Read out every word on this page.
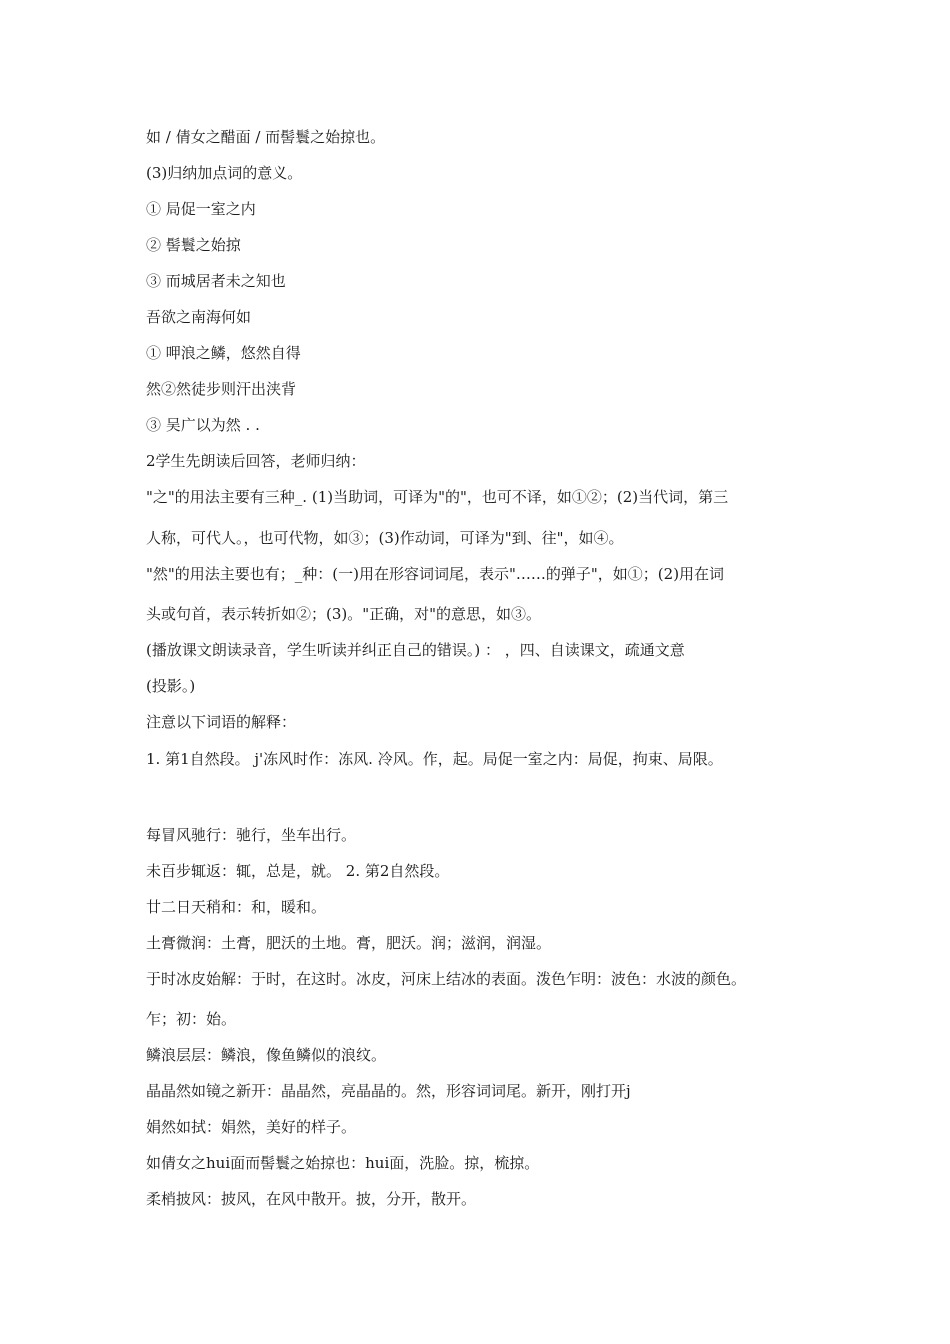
如 / 倩女之醋面 / 而髻鬟之始掠也。
(3)归纳加点词的意义。
① 局促一室之内
② 髻鬟之始掠
③ 而城居者未之知也
吾欲之南海何如
① 呷浪之鳞，悠然自得
然②然徒步则汗出浃背
③ 吴广以为然 . .
2学生先朗读后回答，老师归纳：
"之"的用法主要有三种_. (1)当助词，可译为"的"，也可不译，如①②；(2)当代词，第三
人称，可代人。，也可代物，如③；(3)作动词，可译为"到、往"，如④。
"然"的用法主要也有；_种：(一)用在形容词词尾，表示"……的弹子"，如①；(2)用在词
头或句首，表示转折如②；(3)。"正确，对"的意思，如③。
(播放课文朗读录音，学生听读并纠正自己的错误。) ： ，四、自读课文，疏通文意
(投影。)
注意以下词语的解释：
1. 第1自然段。 j'冻风时作：冻风. 冷风。作，起。局促一室之内：局促，拘束、局限。
每冒风驰行：驰行，坐车出行。
未百步辄返：辄，总是，就。 2. 第2自然段。
廿二日天稍和：和，暖和。
土膏微润：土膏，肥沃的土地。膏，肥沃。润；滋润，润湿。
于时冰皮始解：于时，在这时。冰皮，河床上结冰的表面。泼色乍明：波色：水波的颜色。
乍；初：始。
鳞浪层层：鳞浪，像鱼鳞似的浪纹。
晶晶然如镜之新开：晶晶然，亮晶晶的。然，形容词词尾。新开，刚打开j
娟然如拭：娟然，美好的样子。
如倩女之hui面而髻鬟之始掠也：hui面，洗脸。掠，梳掠。
柔梢披风：披风，在风中散开。披，分开，散开。
